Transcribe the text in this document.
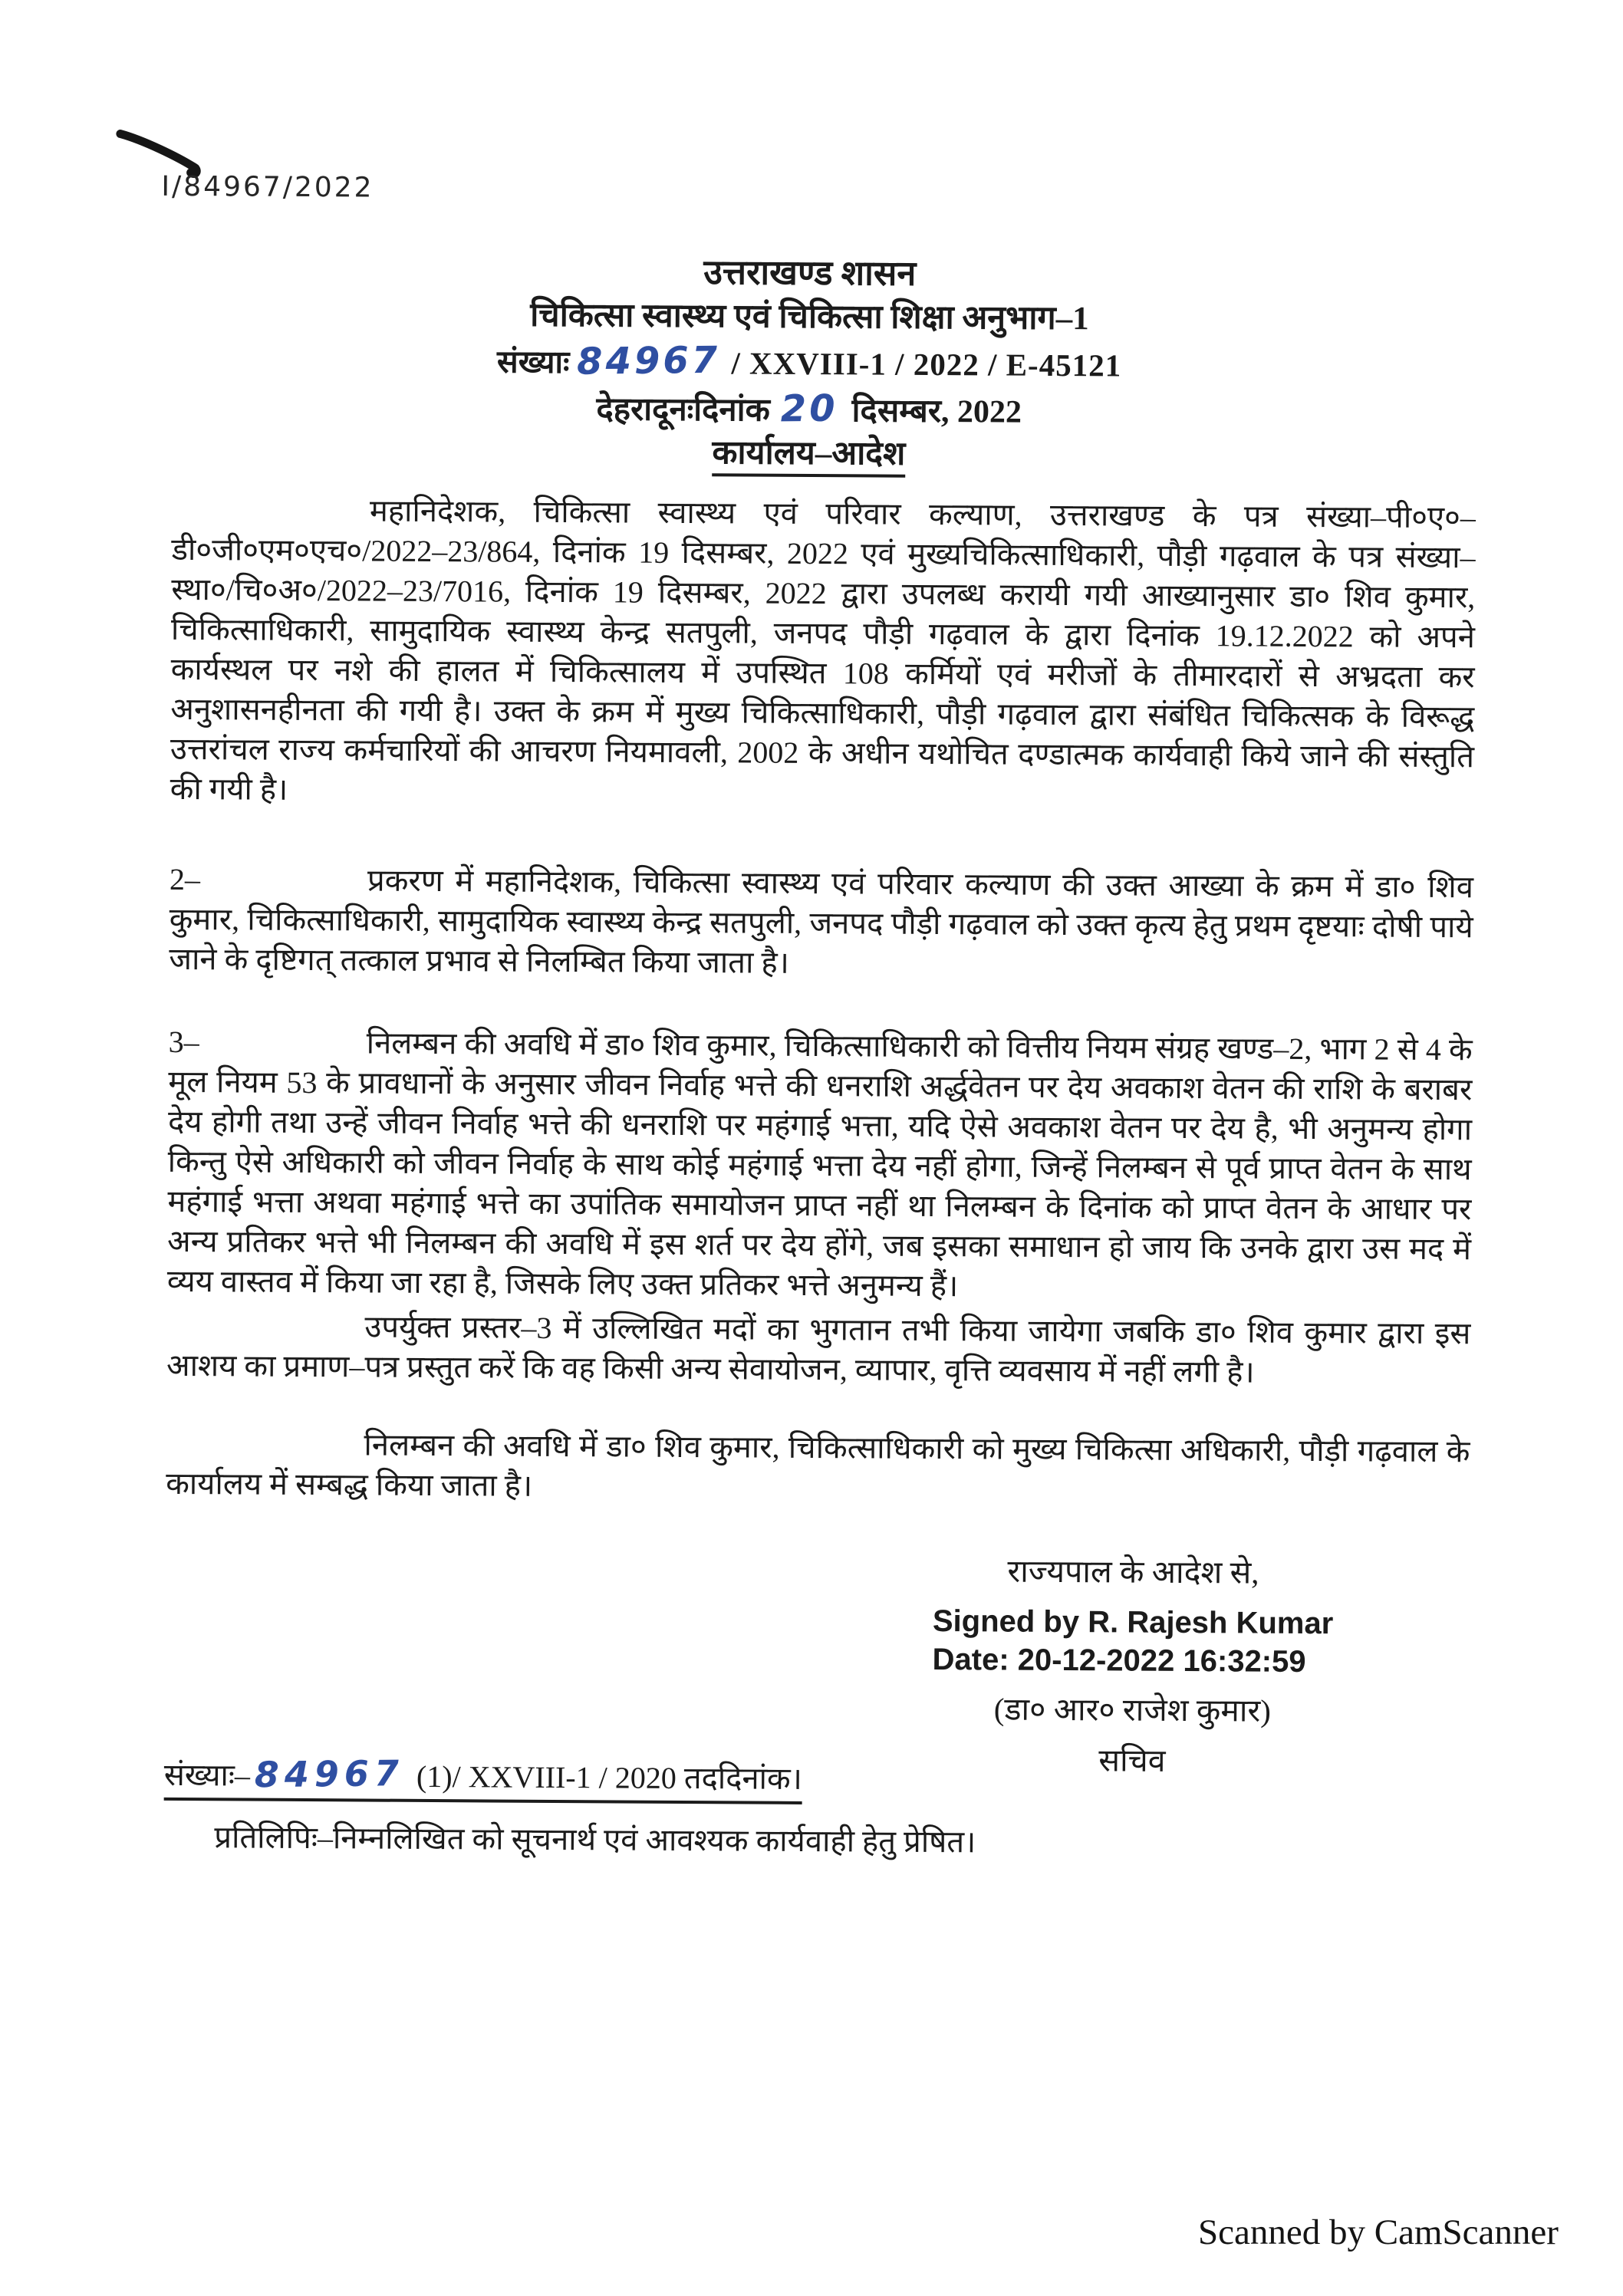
I/84967/2022
उत्तराखण्ड शासन
चिकित्सा स्वास्थ्य एवं चिकित्सा शिक्षा अनुभाग–1
संख्याः 84967 / XXVIII-1 / 2022 / E-45121
देहरादूनःदिनांक 20 दिसम्बर, 2022
कार्यालय–आदेश

महानिदेशक, चिकित्सा स्वास्थ्य एवं परिवार कल्याण, उत्तराखण्ड के पत्र संख्या–पी०ए०–डी०जी०एम०एच०/2022–23/864, दिनांक 19 दिसम्बर, 2022 एवं मुख्यचिकित्साधिकारी, पौड़ी गढ़वाल के पत्र संख्या–स्था०/चि०अ०/2022–23/7016, दिनांक 19 दिसम्बर, 2022 द्वारा उपलब्ध करायी गयी आख्यानुसार डा० शिव कुमार, चिकित्साधिकारी, सामुदायिक स्वास्थ्य केन्द्र सतपुली, जनपद पौड़ी गढ़वाल के द्वारा दिनांक 19.12.2022 को अपने कार्यस्थल पर नशे की हालत में चिकित्सालय में उपस्थित 108 कर्मियों एवं मरीजों के तीमारदारों से अभ्रदता कर अनुशासनहीनता की गयी है। उक्त के क्रम में मुख्य चिकित्साधिकारी, पौड़ी गढ़वाल द्वारा संबंधित चिकित्सक के विरूद्ध उत्तरांचल राज्य कर्मचारियों की आचरण नियमावली, 2002 के अधीन यथोचित दण्डात्मक कार्यवाही किये जाने की संस्तुति की गयी है।

2–	प्रकरण में महानिदेशक, चिकित्सा स्वास्थ्य एवं परिवार कल्याण की उक्त आख्या के क्रम में डा० शिव कुमार, चिकित्साधिकारी, सामुदायिक स्वास्थ्य केन्द्र सतपुली, जनपद पौड़ी गढ़वाल को उक्त कृत्य हेतु प्रथम दृष्टयाः दोषी पाये जाने के दृष्टिगत् तत्काल प्रभाव से निलम्बित किया जाता है।

3–	निलम्बन की अवधि में डा० शिव कुमार, चिकित्साधिकारी को वित्तीय नियम संग्रह खण्ड–2, भाग 2 से 4 के मूल नियम 53 के प्रावधानों के अनुसार जीवन निर्वाह भत्ते की धनराशि अर्द्धवेतन पर देय अवकाश वेतन की राशि के बराबर देय होगी तथा उन्हें जीवन निर्वाह भत्ते की धनराशि पर महंगाई भत्ता, यदि ऐसे अवकाश वेतन पर देय है, भी अनुमन्य होगा किन्तु ऐसे अधिकारी को जीवन निर्वाह के साथ कोई महंगाई भत्ता देय नहीं होगा, जिन्हें निलम्बन से पूर्व प्राप्त वेतन के साथ महंगाई भत्ता अथवा महंगाई भत्ते का उपांतिक समायोजन प्राप्त नहीं था निलम्बन के दिनांक को प्राप्त वेतन के आधार पर अन्य प्रतिकर भत्ते भी निलम्बन की अवधि में इस शर्त पर देय होंगे, जब इसका समाधान हो जाय कि उनके द्वारा उस मद में व्यय वास्तव में किया जा रहा है, जिसके लिए उक्त प्रतिकर भत्ते अनुमन्य हैं।

उपर्युक्त प्रस्तर–3 में उल्लिखित मदों का भुगतान तभी किया जायेगा जबकि डा० शिव कुमार द्वारा इस आशय का प्रमाण–पत्र प्रस्तुत करें कि वह किसी अन्य सेवायोजन, व्यापार, वृत्ति व्यवसाय में नहीं लगी है।

निलम्बन की अवधि में डा० शिव कुमार, चिकित्साधिकारी को मुख्य चिकित्सा अधिकारी, पौड़ी गढ़वाल के कार्यालय में सम्बद्ध किया जाता है।

राज्यपाल के आदेश से,
Signed by R. Rajesh Kumar
Date: 20-12-2022 16:32:59
(डा० आर० राजेश कुमार)
सचिव
संख्याः– 84967 (1)/ XXVIII-1 / 2020 तददिनांक।
प्रतिलिपिः–निम्नलिखित को सूचनार्थ एवं आवश्यक कार्यवाही हेतु प्रेषित।
Scanned by CamScanner
